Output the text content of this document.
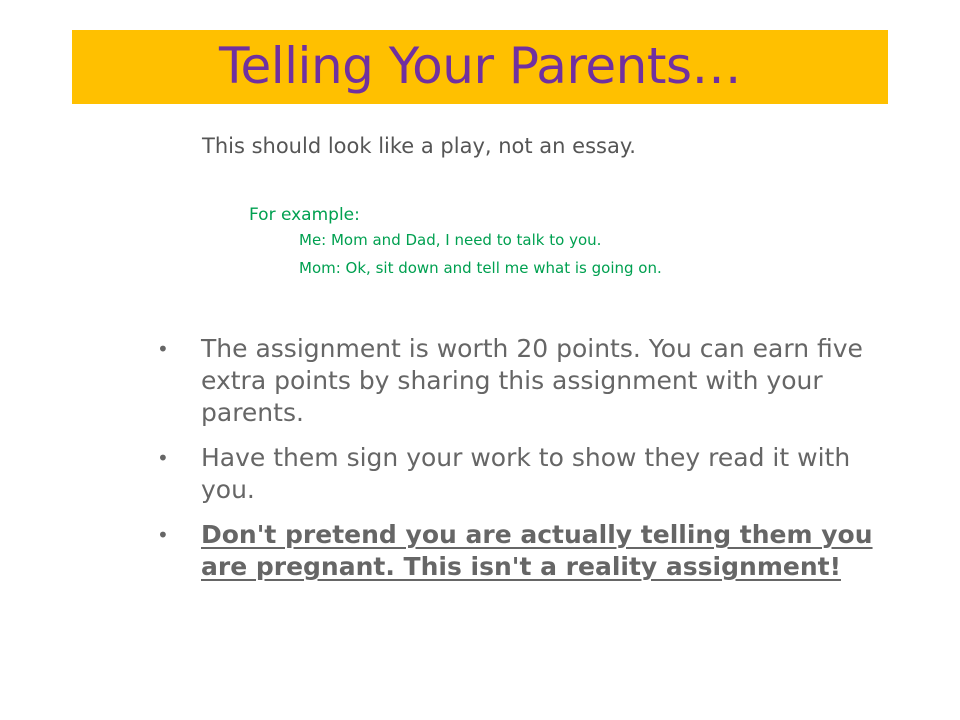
Telling Your Parents…
This should look like a play, not an essay.
For example:
Me: Mom and Dad, I need to talk to you.
Mom: Ok, sit down and tell me what is going on.
• The assignment is worth 20 points. You can earn five extra points by sharing this assignment with your parents.
• Have them sign your work to show they read it with you.
• Don't pretend you are actually telling them you are pregnant. This isn't a reality assignment!
